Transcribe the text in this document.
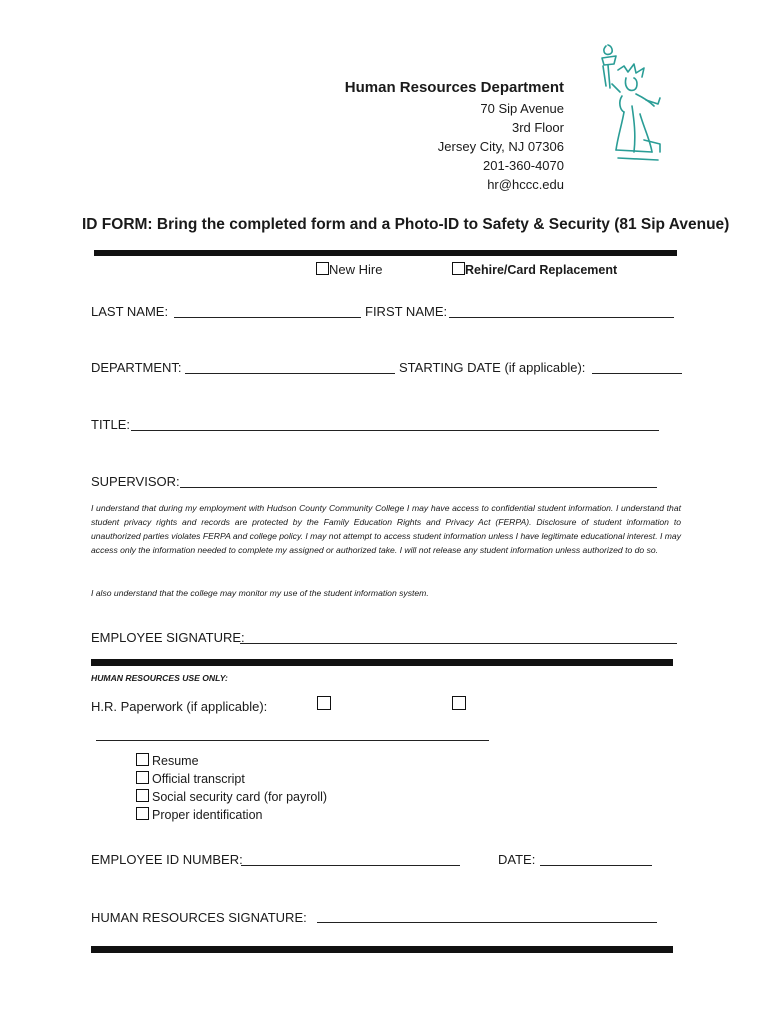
Human Resources Department
70 Sip Avenue
3rd Floor
Jersey City, NJ 07306
201-360-4070
hr@hccc.edu
ID FORM: Bring the completed form and a Photo-ID to Safety & Security (81 Sip Avenue)
New Hire	Rehire/Card Replacement
LAST NAME:	FIRST NAME:
DEPARTMENT:	STARTING DATE (if applicable):
TITLE:
SUPERVISOR:
I understand that during my employment with Hudson County Community College I may have access to confidential student information. I understand that student privacy rights and records are protected by the Family Education Rights and Privacy Act (FERPA). Disclosure of student information to unauthorized parties violates FERPA and college policy. I may not attempt to access student information unless I have legitimate educational interest. I may access only the information needed to complete my assigned or authorized take. I will not release any student information unless authorized to do so.
I also understand that the college may monitor my use of the student information system.
EMPLOYEE SIGNATURE:
HUMAN RESOURCES USE ONLY:
H.R. Paperwork (if applicable):
Resume
Official transcript
Social security card (for payroll)
Proper identification
EMPLOYEE ID NUMBER:	DATE:
HUMAN RESOURCES SIGNATURE:
